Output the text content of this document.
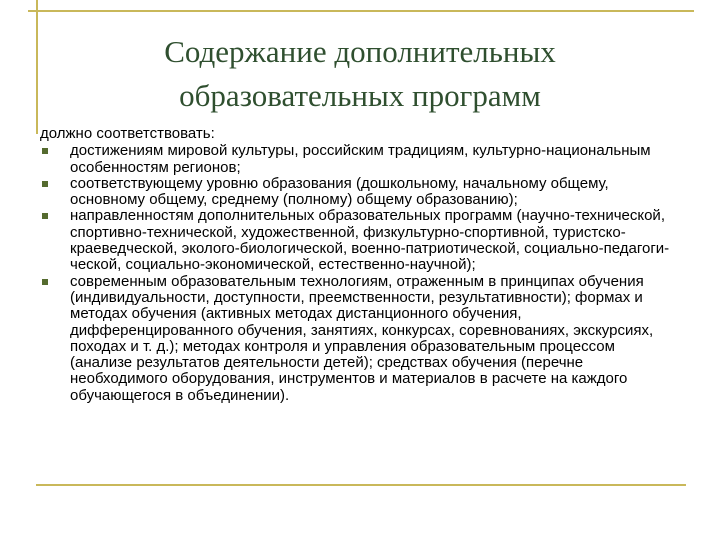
Содержание дополнительных
образовательных программ
должно соответствовать:
достижениям мировой культуры, российским традициям, культурно-национальным особенностям регионов;
соответствующему уровню образования (дошкольному, начальному общему, основному общему, среднему (полному) общему образованию);
направленностям дополнительных образовательных программ (научно-технической, спортивно-технической, художественной, физкультурно-спортивной, туристско-краеведческой, эколого-биологической, военно-патриотической, социально-педагоги-ческой, социально-экономической, естественно-научной);
современным образовательным технологиям, отраженным в принципах обучения (индивидуальности, доступности, преемственности, результативности); формах и методах обучения (активных методах дистанционного обучения, дифференцированного обучения, занятиях, конкурсах, соревнованиях, экскурсиях, походах и т. д.); методах контроля и управления образовательным процессом (анализе результатов деятельности детей); средствах обучения (перечне необходимого оборудования, инструментов и материалов в расчете на каждого обучающегося в объединении).
